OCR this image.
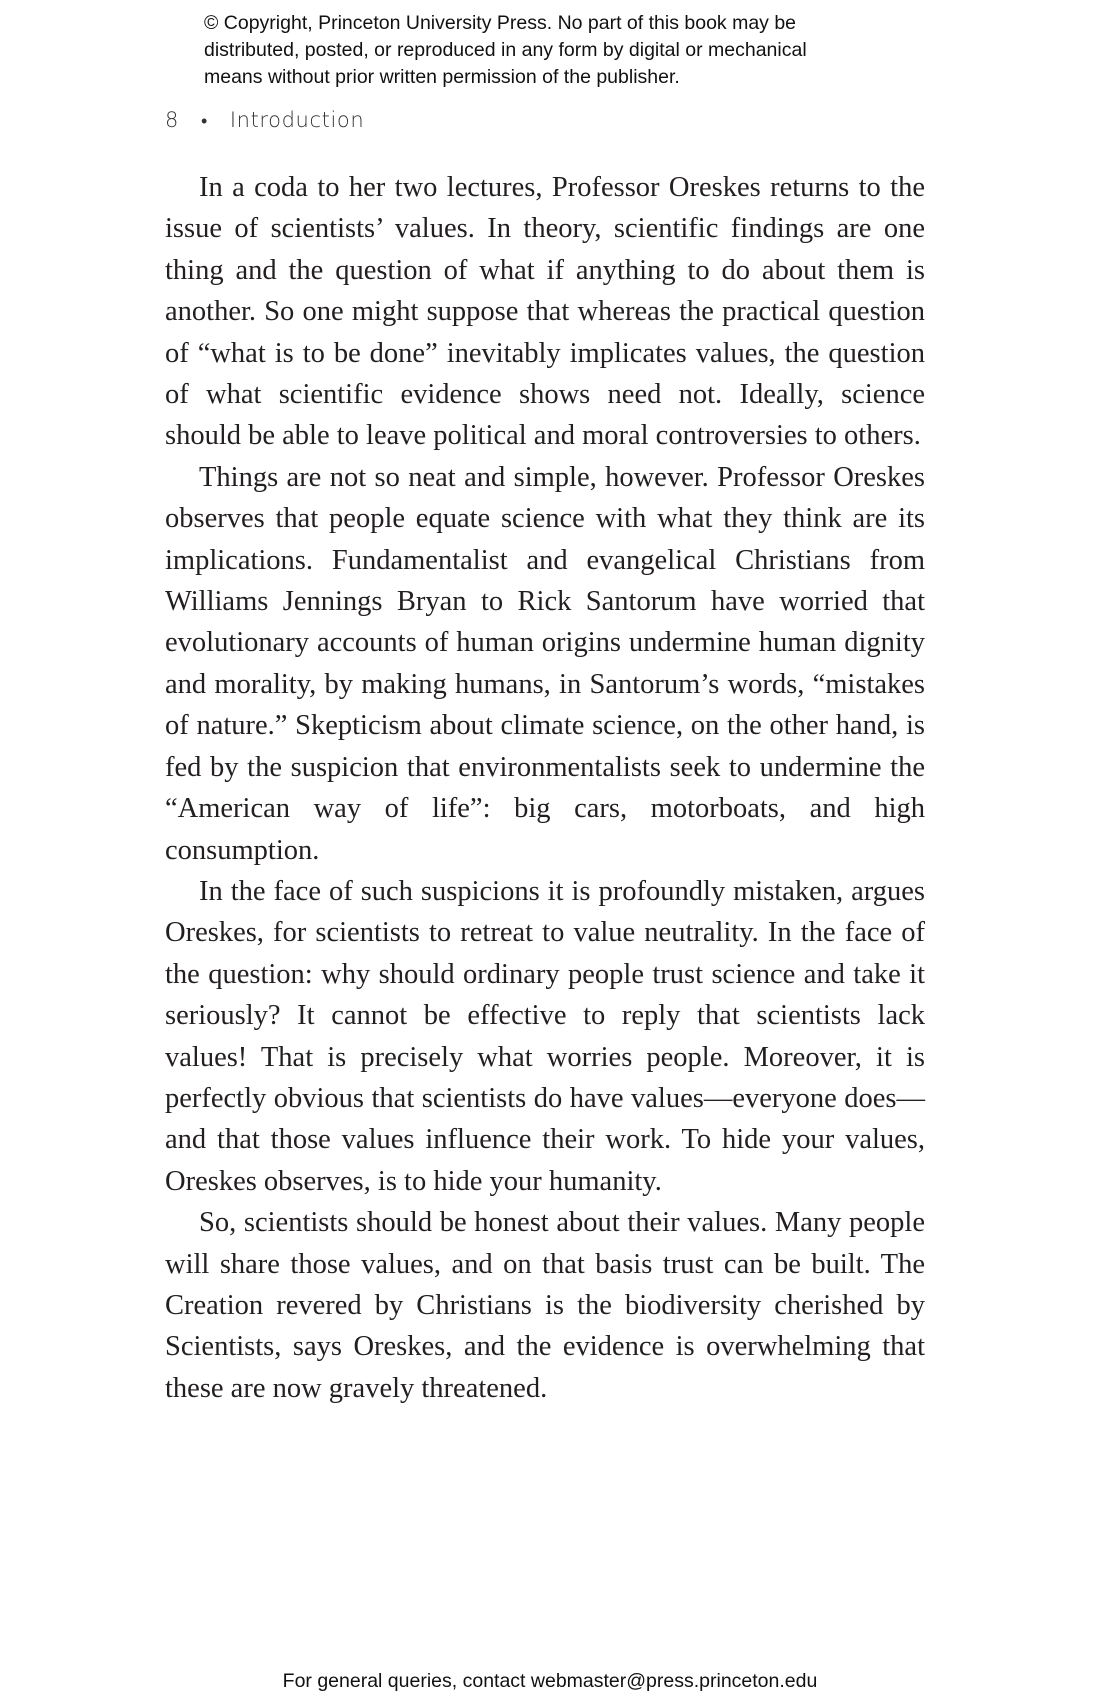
© Copyright, Princeton University Press. No part of this book may be
distributed, posted, or reproduced in any form by digital or mechanical
means without prior written permission of the publisher.
8 • Introduction

In a coda to her two lectures, Professor Oreskes returns to the issue of scientists’ values. In theory, scientific findings are one thing and the question of what if anything to do about them is another. So one might suppose that whereas the practical question of “what is to be done” inevitably implicates values, the question of what scientific evidence shows need not. Ideally, science should be able to leave political and moral controversies to others.

Things are not so neat and simple, however. Professor Oreskes observes that people equate science with what they think are its implications. Fundamentalist and evangelical Christians from Williams Jennings Bryan to Rick Santorum have worried that evolutionary accounts of human origins undermine human dignity and morality, by making humans, in Santorum’s words, “mistakes of nature.” Skepticism about climate science, on the other hand, is fed by the suspicion that environmentalists seek to undermine the “American way of life”: big cars, motorboats, and high consumption.

In the face of such suspicions it is profoundly mistaken, argues Oreskes, for scientists to retreat to value neutrality. In the face of the question: why should ordinary people trust science and take it seriously? It cannot be effective to reply that scientists lack values! That is precisely what worries people. Moreover, it is perfectly obvious that scientists do have values—everyone does—and that those values influence their work. To hide your values, Oreskes observes, is to hide your humanity.

So, scientists should be honest about their values. Many people will share those values, and on that basis trust can be built. The Creation revered by Christians is the biodiversity cherished by Scientists, says Oreskes, and the evidence is overwhelming that these are now gravely threatened.

For general queries, contact webmaster@press.princeton.edu
